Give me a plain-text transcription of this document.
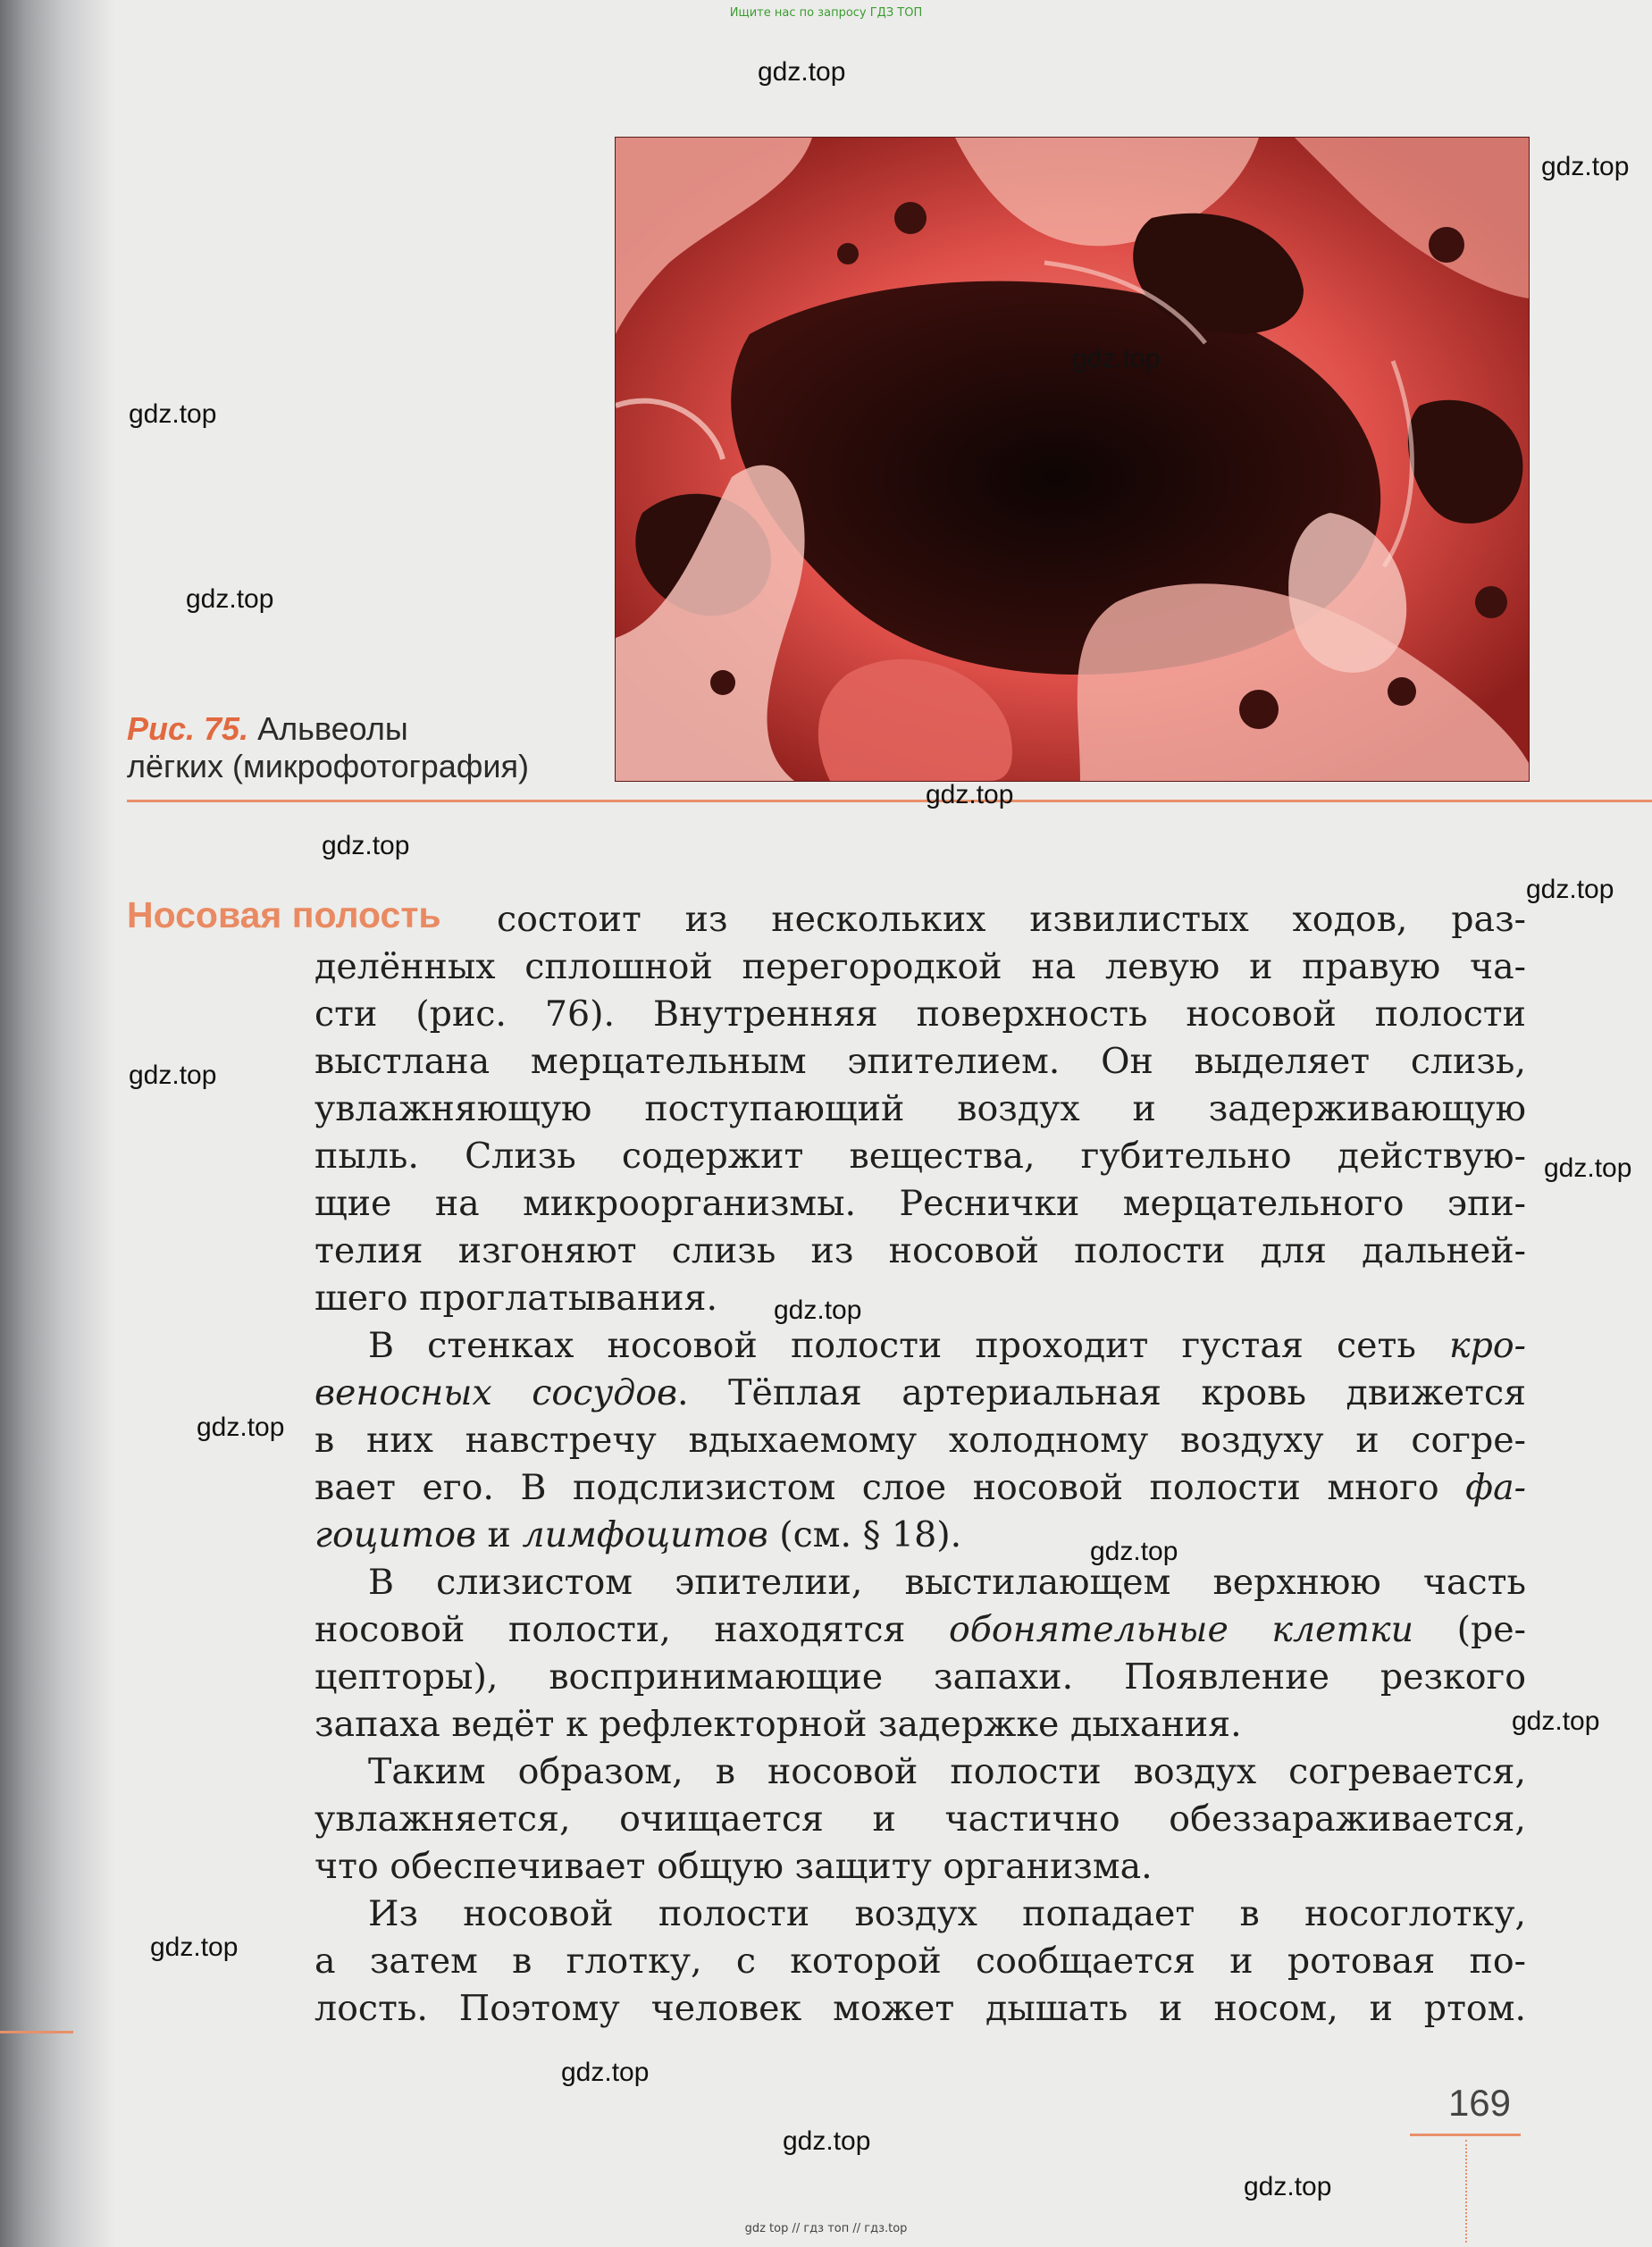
Ищите нас по запросу ГДЗ ТОП
Рис. 75. Альвеолы
лёгких (микрофотография)
Носовая полость состоит из нескольких извилистых ходов, раз-
делённых сплошной перегородкой на левую и правую ча-
сти (рис. 76). Внутренняя поверхность носовой полости
выстлана мерцательным эпителием. Он выделяет слизь,
увлажняющую поступающий воздух и задерживающую
пыль. Слизь содержит вещества, губительно действую-
щие на микроорганизмы. Реснички мерцательного эпи-
телия изгоняют слизь из носовой полости для дальней-
шего проглатывания.
В стенках носовой полости проходит густая сеть кро-
веносных сосудов. Тёплая артериальная кровь движется
в них навстречу вдыхаемому холодному воздуху и согре-
вает его. В подслизистом слое носовой полости много фа-
гоцитов и лимфоцитов (см. § 18).
В слизистом эпителии, выстилающем верхнюю часть
носовой полости, находятся обонятельные клетки (ре-
цепторы), воспринимающие запахи. Появление резкого
запаха ведёт к рефлекторной задержке дыхания.
Таким образом, в носовой полости воздух согревается,
увлажняется, очищается и частично обеззараживается,
что обеспечивает общую защиту организма.
Из носовой полости воздух попадает в носоглотку,
а затем в глотку, с которой сообщается и ротовая по-
лость. Поэтому человек может дышать и носом, и ртом.
169
gdz.top
gdz.top
gdz.top
gdz.top
gdz.top
gdz.top
gdz.top
gdz.top
gdz.top
gdz.top
gdz.top
gdz.top
gdz.top
gdz.top
gdz.top
gdz.top
gdz.top
gdz.top
gdz top // гдз топ // гдз.top
